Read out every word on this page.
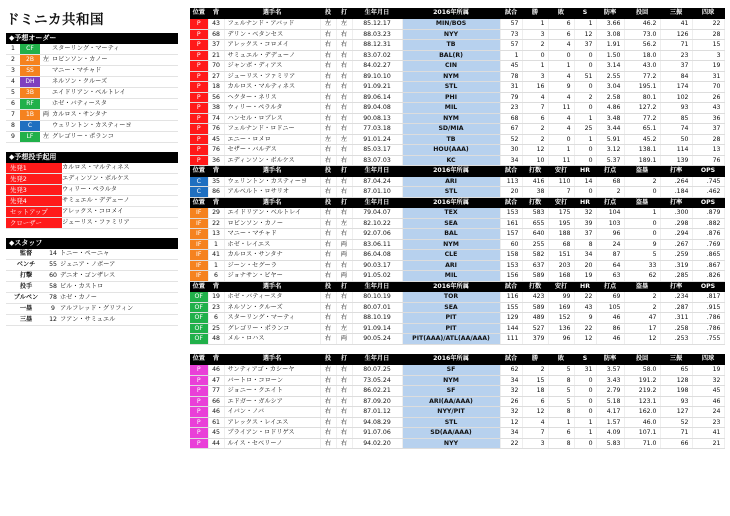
ドミニカ共和国
◆予想オーダー
1	CF		スターリング・マーティ
2	2B	左	ロビンソン・カノー
3	SS		マニー・マチャド
4	DH		ネルソン・クルーズ
5	3B		エイドリアン・ベルトレイ
6	RF		ホゼ・バティースタ
7	1B	両	カルロス・サンタナ
8	C		ウェリントン・カスティーヨ
9	LF	左	グレゴリー・ポランコ
◆予想投手起用
先発1	カルロス・マルティネス
先発2	エディンソン・ボルケス
先発3	ウィリー・ペラルタ
先発4	サミュエル・デデューノ
セットアップ	アレックス・コロメイ
クローザー	ジューリス・ファミリア
◆スタッフ
監督	14	トニー・ペーニャ
ベンチ	55	ジュニア・ノボーア
打撃	60	デニオ・ゴンザレス
投手	58	ビル・カストロ
ブルペン	78	ホゼ・カノー
一塁	9	アルフレッド・グリフィン
三塁	12	フアン・サミュエル
位置	背	選手名	投	打	生年月日	2016年所属	試合	勝	敗	S	防率	投回	三振	四球
P	43	フェルナンド・アバッド	左	左	85.12.17	MIN/BOS	57	1	6	1	3.66	46.2	41	22
P	68	デリン・ベタンセス	右	右	88.03.23	NYY	73	3	6	12	3.08	73.0	126	28
P	37	アレックス・コロメイ	右	右	88.12.31	TB	57	2	4	37	1.91	56.2	71	15
P	21	サミュエル・デデューノ	右	右	83.07.02	BAL(R)	1	0	0	0	1.50	18.0	23	3
P	70	ジャンボ・ディアス	右	右	84.02.27	CIN	45	1	1	0	3.14	43.0	37	19
P	27	ジューリス・ファミリア	右	右	89.10.10	NYM	78	3	4	51	2.55	77.2	84	31
P	18	カルロス・マルティネス	右	右	91.09.21	STL	31	16	9	0	3.04	195.1	174	70
P	56	ヘクター・ネリス	右	右	89.06.14	PHI	79	4	4	2	2.58	80.1	102	26
P	38	ウィリー・ペラルタ	右	右	89.04.08	MIL	23	7	11	0	4.86	127.2	93	43
P	74	ハンセル・ロブレス	右	右	90.08.13	NYM	68	6	4	1	3.48	77.2	85	36
P	76	フェルナンド・ロドニー	右	右	77.03.18	SD/MIA	67	2	4	25	3.44	65.1	74	37
P	45	エニー・ロメロ	左	左	91.01.24	TB	52	2	0	1	5.91	45.2	50	28
P	76	セザー・バルデス	右	右	85.03.17	HOU(AAA)	30	12	1	0	3.12	138.1	114	13
P	36	エディンソン・ボルケス	右	右	83.07.03	KC	34	10	11	0	5.37	189.1	139	76
位置	背	選手名	投	打	生年月日	2016年所属	試合	打数	安打	HR	打点	盗塁	打率	OPS
C	35	ウェリントン・カスティーヨ	右	右	87.04.24	ARI	113	416	110	14	68	2	.264	.745
C	86	アルベルト・ロサリオ	右	右	87.01.10	STL	20	38	7	0	2	0	.184	.462
位置	背	選手名	投	打	生年月日	2016年所属	試合	打数	安打	HR	打点	盗塁	打率	OPS
IF	29	エイドリアン・ベルトレイ	右	右	79.04.07	TEX	153	583	175	32	104	1	.300	.879
IF	22	ロビンソン・カノー	右	左	82.10.22	SEA	161	655	195	39	103	0	.298	.882
IF	13	マニー・マチャド	右	右	92.07.06	BAL	157	640	188	37	96	0	.294	.876
IF	1	ホゼ・レイエス	右	両	83.06.11	NYM	60	255	68	8	24	9	.267	.769
IF	41	カルロス・サンタナ	右	両	86.04.08	CLE	158	582	151	34	87	5	.259	.865
IF	1	ジーン・セグーラ	右	右	90.03.17	ARI	153	637	203	20	64	33	.319	.867
IF	6	ジョナサン・ビヤー	右	両	91.05.02	MIL	156	589	168	19	63	62	.285	.826
位置	背	選手名	投	打	生年月日	2016年所属	試合	打数	安打	HR	打点	盗塁	打率	OPS
OF	19	ホゼ・バティースタ	右	右	80.10.19	TOR	116	423	99	22	69	2	.234	.817
OF	23	ネルソン・クルーズ	右	右	80.07.01	SEA	155	589	169	43	105	2	.287	.915
OF	6	スターリング・マーティ	右	右	88.10.19	PIT	129	489	152	9	46	47	.311	.786
OF	25	グレゴリー・ポランコ	右	左	91.09.14	PIT	144	527	136	22	86	17	.258	.786
OF	48	メル・ロハス	右	両	90.05.24	PIT(AAA)/ATL(AA/AAA)	111	379	96	12	46	12	.253	.755

位置	背	選手名	投	打	生年月日	2016年所属	試合	勝	敗	S	防率	投回	三振	四球
P	46	サンティアゴ・カシーヤ	右	右	80.07.25	SF	62	2	5	31	3.57	58.0	65	19
P	47	バートロ・コローン	右	右	73.05.24	NYM	34	15	8	0	3.43	191.2	128	32
P	77	ジョニー・クエイト	右	右	86.02.21	SF	32	18	5	0	2.79	219.2	198	45
P	66	エドガー・ガルシア	右	右	87.09.20	ARI(AA/AAA)	26	6	5	0	5.18	123.1	93	46
P	46	イバン・ノバ	右	右	87.01.12	NYY/PIT	32	12	8	0	4.17	162.0	127	24
P	61	アレックス・レイエス	右	右	94.08.29	STL	12	4	1	1	1.57	46.0	52	23
P	45	ブライアン・ロドリゲス	右	右	91.07.06	SD(AA/AAA)	34	7	6	1	4.09	107.1	71	41
P	44	ルイス・セベリーノ	右	右	94.02.20	NYY	22	3	8	0	5.83	71.0	66	21
